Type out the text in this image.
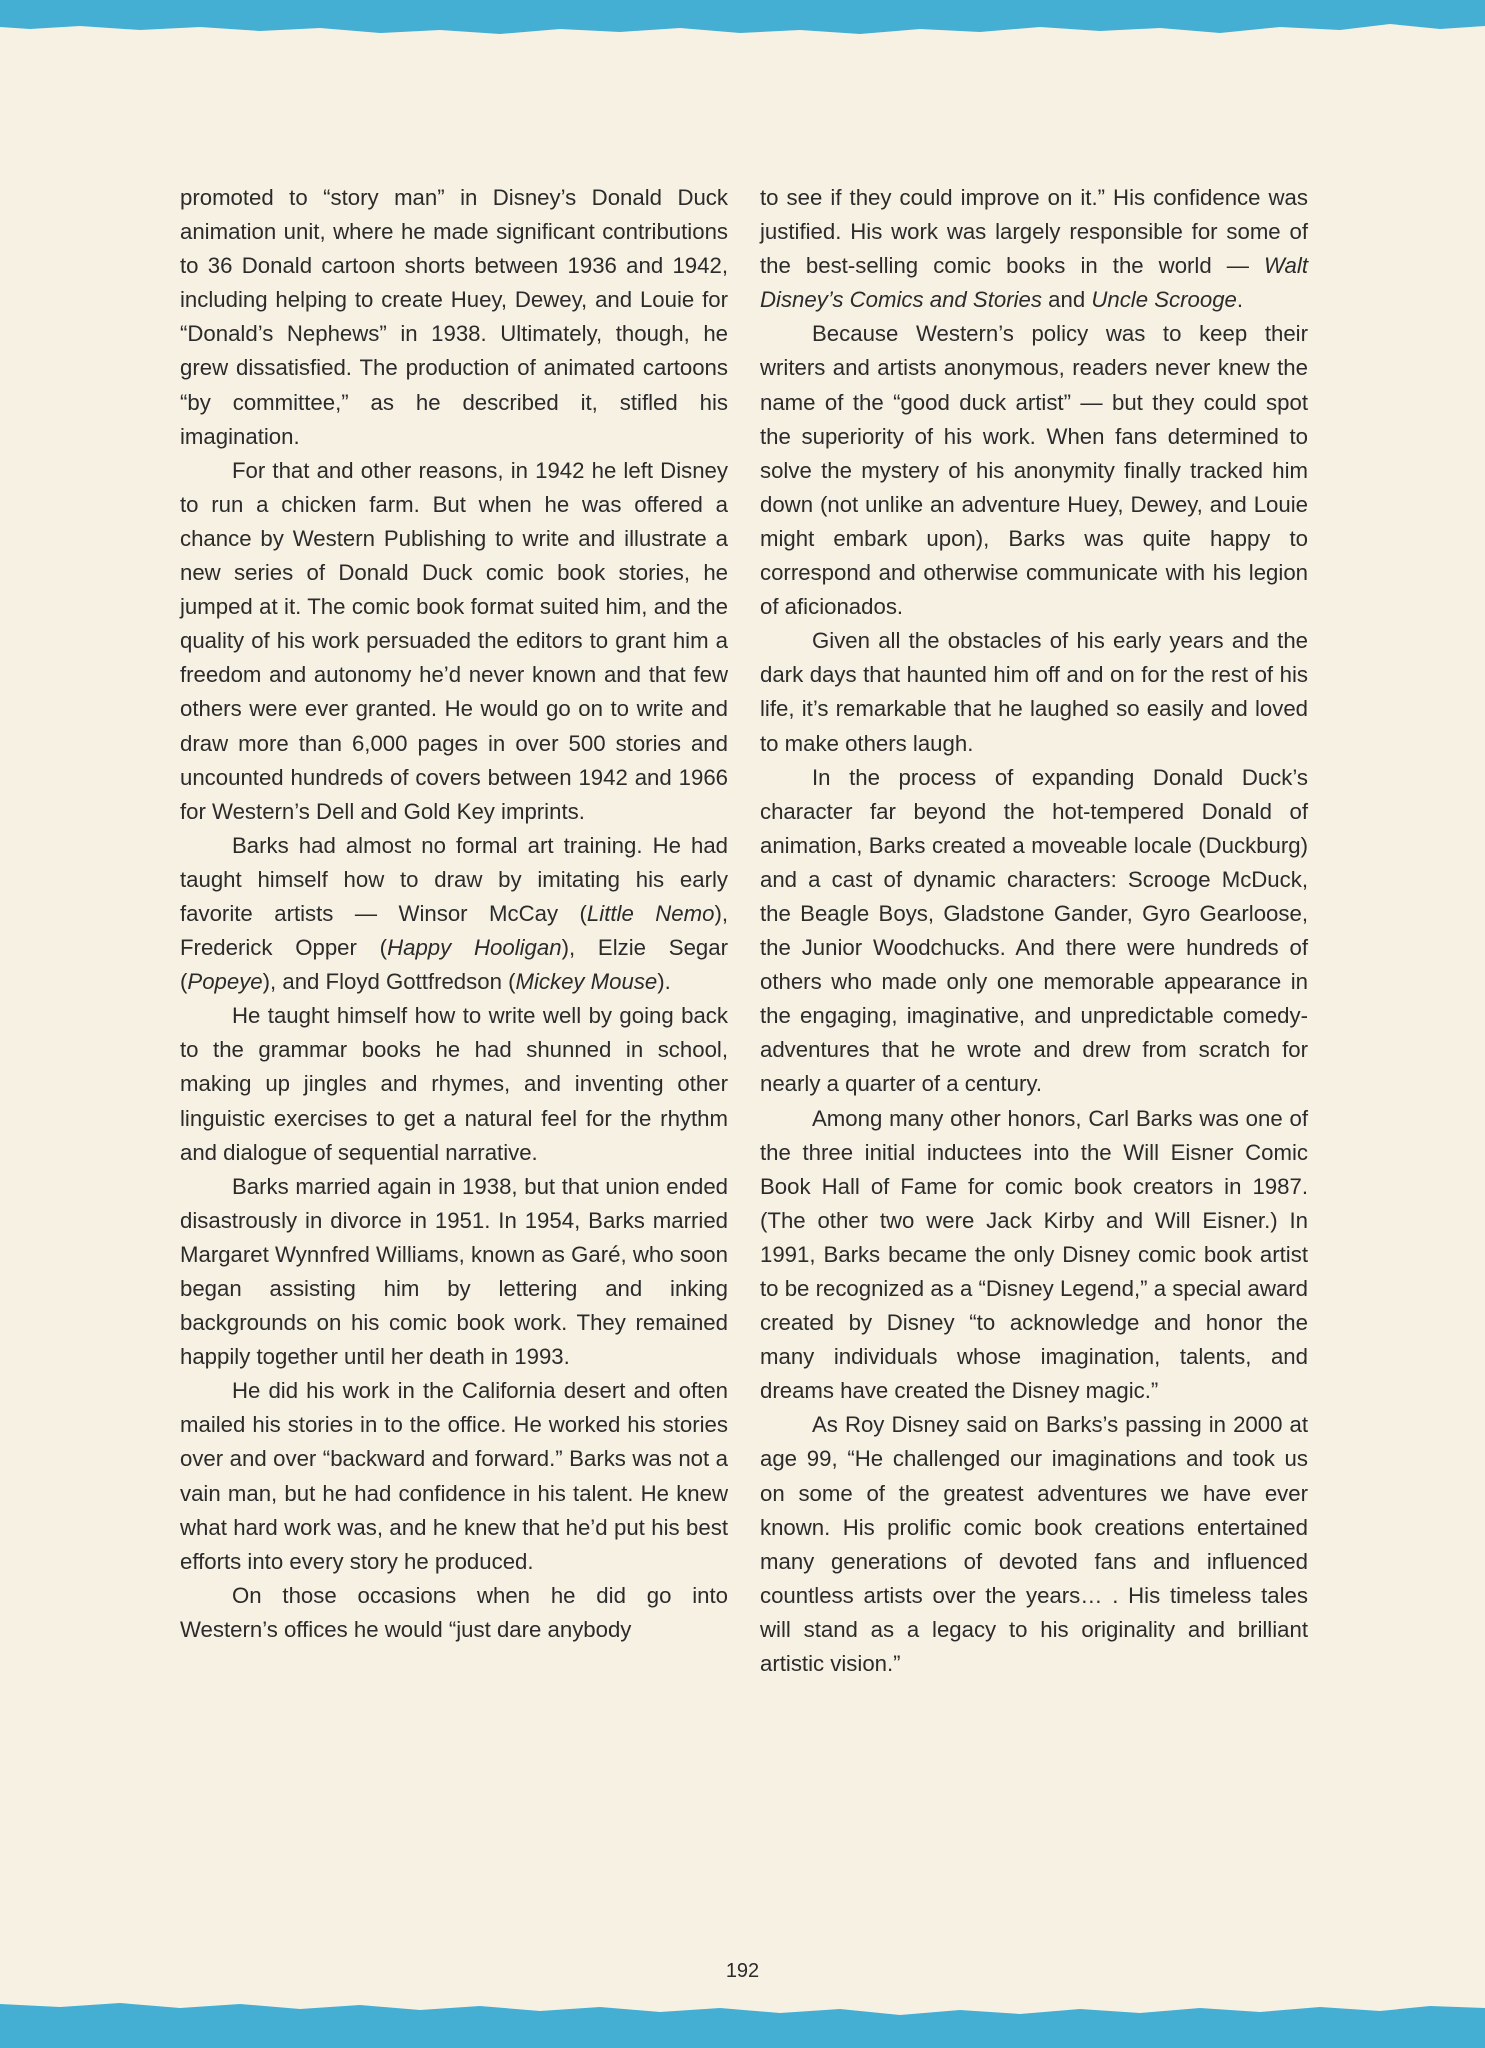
promoted to “story man” in Disney’s Donald Duck animation unit, where he made significant contributions to 36 Donald cartoon shorts between 1936 and 1942, including helping to create Huey, Dewey, and Louie for “Donald’s Nephews” in 1938. Ultimately, though, he grew dissatisfied. The production of animated cartoons “by committee,” as he described it, stifled his imagination.

For that and other reasons, in 1942 he left Disney to run a chicken farm. But when he was offered a chance by Western Publishing to write and illustrate a new series of Donald Duck comic book stories, he jumped at it. The comic book format suited him, and the quality of his work persuaded the editors to grant him a freedom and autonomy he’d never known and that few others were ever granted. He would go on to write and draw more than 6,000 pages in over 500 stories and uncounted hundreds of covers between 1942 and 1966 for Western’s Dell and Gold Key imprints.

Barks had almost no formal art training. He had taught himself how to draw by imitating his early favorite artists — Winsor McCay (Little Nemo), Frederick Opper (Happy Hooligan), Elzie Segar (Popeye), and Floyd Gottfredson (Mickey Mouse).

He taught himself how to write well by going back to the grammar books he had shunned in school, making up jingles and rhymes, and inventing other linguistic exercises to get a natural feel for the rhythm and dialogue of sequential narrative.

Barks married again in 1938, but that union ended disastrously in divorce in 1951. In 1954, Barks married Margaret Wynnfred Williams, known as Garé, who soon began assisting him by lettering and inking backgrounds on his comic book work. They remained happily together until her death in 1993.

He did his work in the California desert and often mailed his stories in to the office. He worked his stories over and over “backward and forward.” Barks was not a vain man, but he had confidence in his talent. He knew what hard work was, and he knew that he’d put his best efforts into every story he produced.

On those occasions when he did go into Western’s offices he would “just dare anybody

to see if they could improve on it.” His confidence was justified. His work was largely responsible for some of the best-selling comic books in the world — Walt Disney’s Comics and Stories and Uncle Scrooge.

Because Western’s policy was to keep their writers and artists anonymous, readers never knew the name of the “good duck artist” — but they could spot the superiority of his work. When fans determined to solve the mystery of his anonymity finally tracked him down (not unlike an adventure Huey, Dewey, and Louie might embark upon), Barks was quite happy to correspond and otherwise communicate with his legion of aficionados.

Given all the obstacles of his early years and the dark days that haunted him off and on for the rest of his life, it’s remarkable that he laughed so easily and loved to make others laugh.

In the process of expanding Donald Duck’s character far beyond the hot-tempered Donald of animation, Barks created a moveable locale (Duckburg) and a cast of dynamic characters: Scrooge McDuck, the Beagle Boys, Gladstone Gander, Gyro Gearloose, the Junior Woodchucks. And there were hundreds of others who made only one memorable appearance in the engaging, imaginative, and unpredictable comedy-adventures that he wrote and drew from scratch for nearly a quarter of a century.

Among many other honors, Carl Barks was one of the three initial inductees into the Will Eisner Comic Book Hall of Fame for comic book creators in 1987. (The other two were Jack Kirby and Will Eisner.) In 1991, Barks became the only Disney comic book artist to be recognized as a “Disney Legend,” a special award created by Disney “to acknowledge and honor the many individuals whose imagination, talents, and dreams have created the Disney magic.”

As Roy Disney said on Barks’s passing in 2000 at age 99, “He challenged our imaginations and took us on some of the greatest adventures we have ever known. His prolific comic book creations entertained many generations of devoted fans and influenced countless artists over the years… . His timeless tales will stand as a legacy to his originality and brilliant artistic vision.”

192
